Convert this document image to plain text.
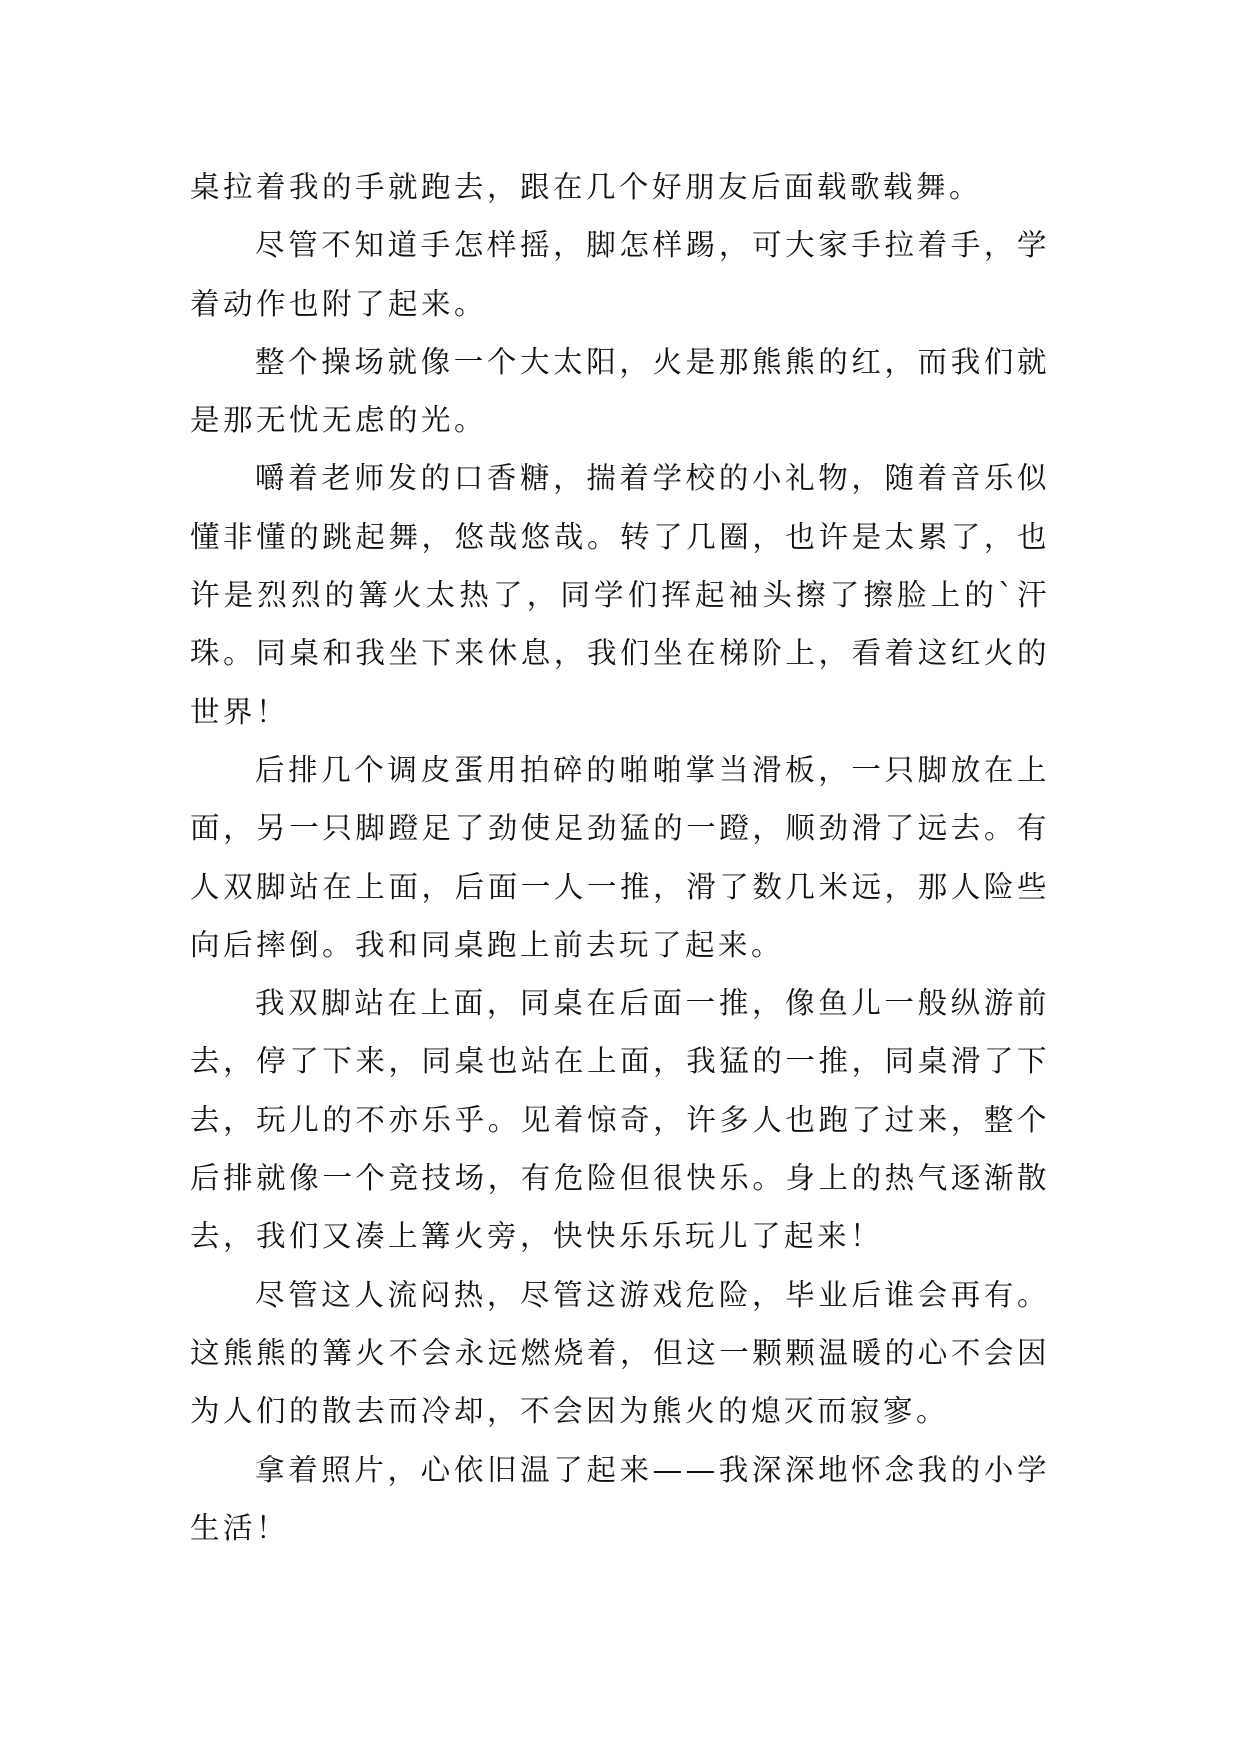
桌拉着我的手就跑去，跟在几个好朋友后面载歌载舞。

尽管不知道手怎样摇，脚怎样踢，可大家手拉着手，学着动作也附了起来。

整个操场就像一个大太阳，火是那熊熊的红，而我们就是那无忧无虑的光。

嚼着老师发的口香糖，揣着学校的小礼物，随着音乐似懂非懂的跳起舞，悠哉悠哉。转了几圈，也许是太累了，也许是烈烈的篝火太热了，同学们挥起袖头擦了擦脸上的`汗珠。同桌和我坐下来休息，我们坐在梯阶上，看着这红火的世界！

后排几个调皮蛋用拍碎的啪啪掌当滑板，一只脚放在上面，另一只脚蹬足了劲使足劲猛的一蹬，顺劲滑了远去。有人双脚站在上面，后面一人一推，滑了数几米远，那人险些向后摔倒。我和同桌跑上前去玩了起来。

我双脚站在上面，同桌在后面一推，像鱼儿一般纵游前去，停了下来，同桌也站在上面，我猛的一推，同桌滑了下去，玩儿的不亦乐乎。见着惊奇，许多人也跑了过来，整个后排就像一个竞技场，有危险但很快乐。身上的热气逐渐散去，我们又凑上篝火旁，快快乐乐玩儿了起来！

尽管这人流闷热，尽管这游戏危险，毕业后谁会再有。这熊熊的篝火不会永远燃烧着，但这一颗颗温暖的心不会因为人们的散去而冷却，不会因为熊火的熄灭而寂寥。

拿着照片，心依旧温了起来——我深深地怀念我的小学生活！
